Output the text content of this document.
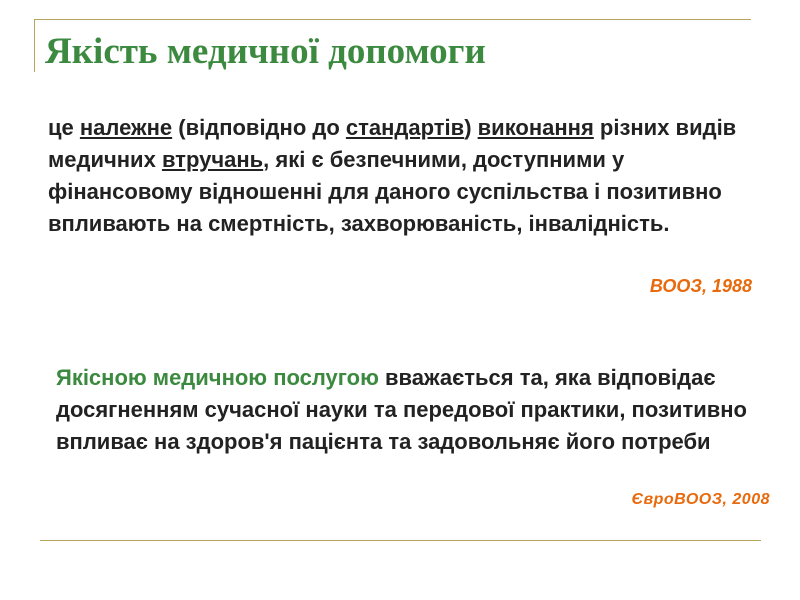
Якість медичної допомоги

це належне (відповідно до стандартів) виконання різних видів медичних втручань, які є безпечними, доступними у фінансовому відношенні для даного суспільства і позитивно впливають на смертність, захворюваність, інвалідність.

ВООЗ, 1988

Якісною медичною послугою вважається та, яка відповідає досягненням сучасної науки та передової практики, позитивно впливає на здоров'я пацієнта та задовольняє його потреби

ЄвроВООЗ, 2008
